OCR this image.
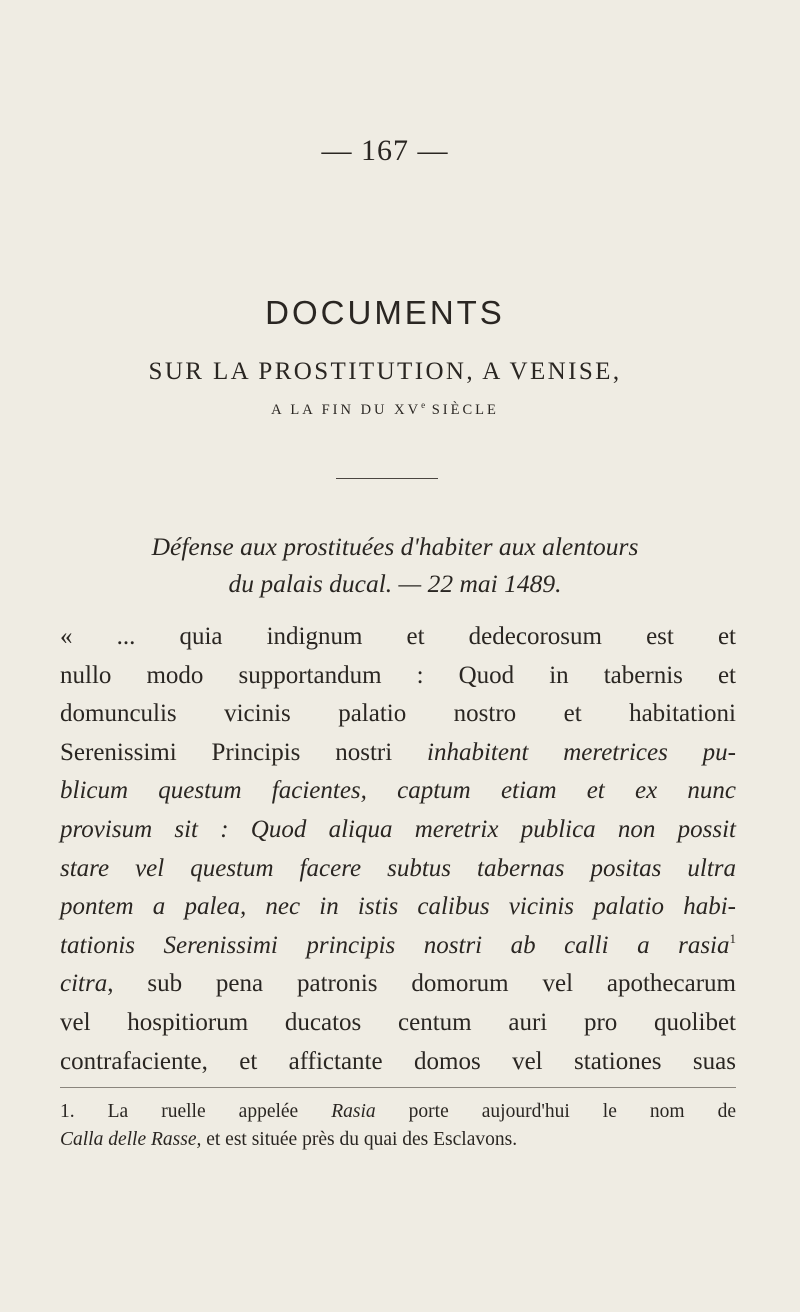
— 167 —
DOCUMENTS
SUR LA PROSTITUTION, A VENISE,
A LA FIN DU XVe SIÈCLE
Défense aux prostituées d'habiter aux alentours
du palais ducal. — 22 mai 1489.
« ... quia indignum et dedecorosum est et
nullo modo supportandum : Quod in tabernis et
domunculis vicinis palatio nostro et habitationi
Serenissimi Principis nostri inhabitent meretrices pu-
blicum questum facientes, captum etiam et ex nunc
provisum sit : Quod aliqua meretrix publica non possit
stare vel questum facere subtus tabernas positas ultra
pontem a palea, nec in istis calibus vicinis palatio habi-
tationis Serenissimi principis nostri ab calli a rasia$^1$
citra, sub pena patronis domorum vel apothecarum
vel hospitiorum ducatos centum auri pro quolibet
contrafaciente, et affictante domos vel stationes suas
1. La ruelle appelée Rasia porte aujourd'hui le nom de
Calla delle Rasse, et est située près du quai des Esclavons.
